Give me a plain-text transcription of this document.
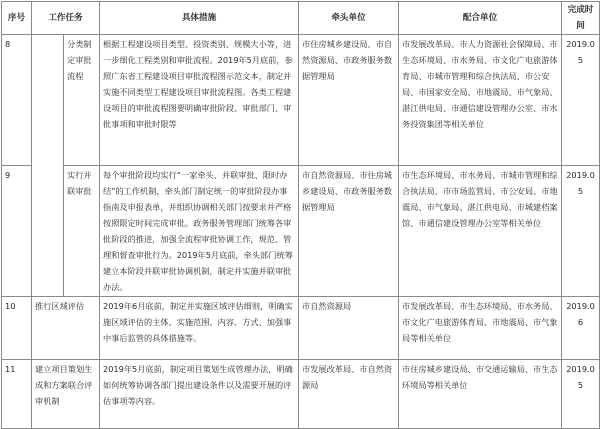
序号	工作任务		具体措施	牵头单位	配合单位	完成时间
8		分类制定审批流程	根据工程建设项目类型、投资类别、规模大小等，进一步细化工程类别和审批流程。2019年5月底前，参照广东省工程建设项目审批流程图示范文本，制定并实施不同类型工程建设项目审批流程图。各类工程建设项目的审批流程图要明确审批阶段、审批部门、审批事项和审批时限等	市住房城乡建设局、市自然资源局、市政务服务数据管理局	市发展改革局、市人力资源社会保障局、市生态环境局、市水务局、市文化广电旅游体育局、市城市管理和综合执法局、市公安局、市国家安全局、市地震局、市气象局、湛江供电局、市通信建设管理办公室、市水务投资集团等相关单位	2019.05
9		实行并联审批	每个审批阶段均实行“一家牵头、并联审批、限时办结”的工作机制，牵头部门制定统一的审批阶段办事指南及申报表单，并组织协调相关部门按要求并严格按照限定时间完成审批。政务服务管理部门统筹各审批阶段的推进，加强全流程审批协调工作，规范、管理和督查审批行为。2019年5月底前，牵头部门统筹建立本阶段并联审批协调机制，制定并实施并联审批办法。	市自然资源局、市住房城乡建设局、市政务服务数据管理局	市生态环境局、市水务局、市城市管理和综合执法局、市市场监管局、市公安局、市地震局、市气象局、湛江供电局、市城建档案馆、市通信建设管理办公室等相关单位	2019.05
10	推行区域评估		2019年6月底前，制定并实施区域评估细则，明确实施区域评估的主体、实施范围、内容、方式、加强事中事后监管的具体措施等。	市自然资源局	市发展改革局、市生态环境局、市水务局、市文化广电旅游体育局、市地震局、市气象局等相关单位	2019.06
11	建立项目策划生成和方案联合评审机制		2019年5月底前，制定项目策划生成管理办法，明确如何统筹协调各部门提出建设条件以及需要开展的评估事项等内容。	市发展改革局、市自然资源局	市住房城乡建设局、市交通运输局、市生态环境局等相关单位	2019.05
